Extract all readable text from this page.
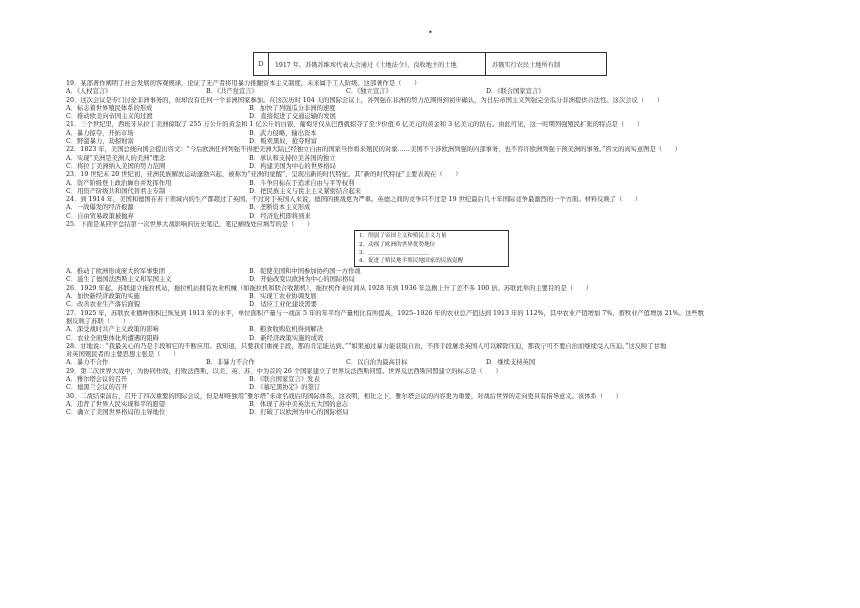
•
D	1917 年，苏俄苏维埃代表大会通过《土地法令》，没收地主的土地	苏俄实行农民土地所有制
19．某部著作阐明了社会发展的客观规律，论证了无产者将用暴力推翻资本主义制度，未来属于工人阶级。这部著作是（　　）
A．《人权宣言》	B．《共产党宣言》	C．《独立宣言》	D．《联合国家宣言》
20．这次会议是专门讨论非洲事务的，但却没有任何一个非洲国家参加。在这次历时 104 天的国际会议上，各列强在非洲的势力范围得到初步确认，为日后帝国主义列强完全瓜分非洲提供合法性。这次会议（　　）
A．标志着世界殖民体系的形成	B．加快了列强瓜分非洲的速度
C．推动欧美向帝国主义的过渡	D．直接促进了交通运输的发展
21．三个世纪里，西班牙从拉丁美洲掠取了 255 万公斤的黄金和 1 亿公斤的白银，葡萄牙仅从巴西就掠夺了至少价值 6 亿美元的黄金和 3 亿美元的钻石。由此可见，这一时期列强殖民扩张的特点是（　　）
A．暴力掠夺，开拓市场	B．武力侵略，输出资本
C．野蛮暴力，劫掠财富	D．贩卖黑奴，抢夺财富
22．1823 年，美国总统向国会提出咨文：“今后欧洲任何列强不得把美洲大陆已经独立自由的国家当作将来殖民的对象……美国不干涉欧洲列强的内部事务，也不容许欧洲列强干预美洲的事务。”咨文的真实意图是（　　）
A．实现“美洲是美洲人的美洲”理念	B．承认和支持拉美各国的独立
C．将拉丁美洲纳入美国的势力范围	D．构建美国为中心的世界格局
23．19 世纪末 20 世纪初，亚洲民族解放运动蓬勃兴起，被称为“亚洲的觉醒”，呈现出新的时代特征。其“新的时代特征”主要表现在（　　）
A．资产阶级登上政治舞台并发挥作用	B．斗争目标在于追求自由与平等权利
C．用资产阶级共和国代替君主专制	D．把民族主义与民主主义紧密结合起来
24．到 1914 年，美国和德国在若干领域内的生产都超过了英国，不过对于英国人来说，德国的挑战更为严重。英德之间的竞争只不过是 19 世纪最后几十年国际竞争最激烈的一个方面。材料反映了（　　）
A．一战爆发的经济根源	B．垄断资本主义形成
C．自由贸易政策被抛弃	D．经济危机即将到来
25．下面是某同学总结第一次世界大战影响的历史笔记，笔记横线处应填写的是（　　）
1．削弱了帝国主义和殖民主义力量
2．动摇了欧洲的世界优势地位
3．＿＿＿＿＿＿＿＿＿＿＿
4．促进了殖民地半殖民地国家的民族觉醒
A．推动了欧洲形成庞大的军事集团	B．促使美国和中国参加协约国一方作战
C．滋生了德国法西斯主义和军国主义	D．开始改变以欧洲为中心的国际格局
26．1929 年起，苏联建立拖拉机站，拖拉机站拥有农业机械（如拖拉机和联合收割机），拖拉机作业时间从 1928 年到 1936 年急剧上升了差不多 100 倍。苏联此举的主要目的是（　　）
A．加快新经济政策的实施	B．实现工农业协调发展
C．改善农业生产落后面貌	D．适应工业化建设需要
27．1925 年，苏联农业播种面积已恢复到 1913 年的水平，单位面积产量与一战前 5 年的年平均产量相比有所提高，1925–1926 年的农业总产值达到 1913 年的 112%，其中农业产值增加 7%，畜牧业产值增加 21%。这些数
据反映了苏联（　　）
A．深受战时共产主义政策的影响	B．粮食收购危机得到解决
C．农业全面集体化所遭遇的阻碍	D．新经济政策实施的成效
28．甘地说：“我最关心的乃是手段和它的不断应用。我知道，只要我们重视手段，那的肯定能达到。”“如果通过暴力能获取自治，不择手段屠杀英国人可以解除压迫，那我宁可不要自治而继续受人压迫。”这反映了甘地
对英国殖民者的主要思想主张是（　　）
A．暴力不合作	B．非暴力不合作	C．以自治为最高目标	D．继续支持英国
29．第二次世界大战中，为协同作战，打败法西斯，以美、英、苏、中为首的 26 个国家建立了世界反法西斯同盟。世界反法西斯同盟建立的标志是（　　）
A．雅尔塔会议的召开	B．《联合国家宣言》发表
C．德黑兰会议的召开	D．《慕尼黑协定》的签订
30．二战结束前后，召开了四次重要的国际会议，但是却唯独用“雅尔塔”来命名战后的国际体系，这表明，相比之下，雅尔塔会议的内容更为重要，对战后世界的走向更具有指导意义。该体系（　　）
A．违背了世界人民实现和平的愿望	B．体现了苏中美英法五大国的意志
C．确立了美国世界格局的主导地位	D．打破了以欧洲为中心的国际格局
